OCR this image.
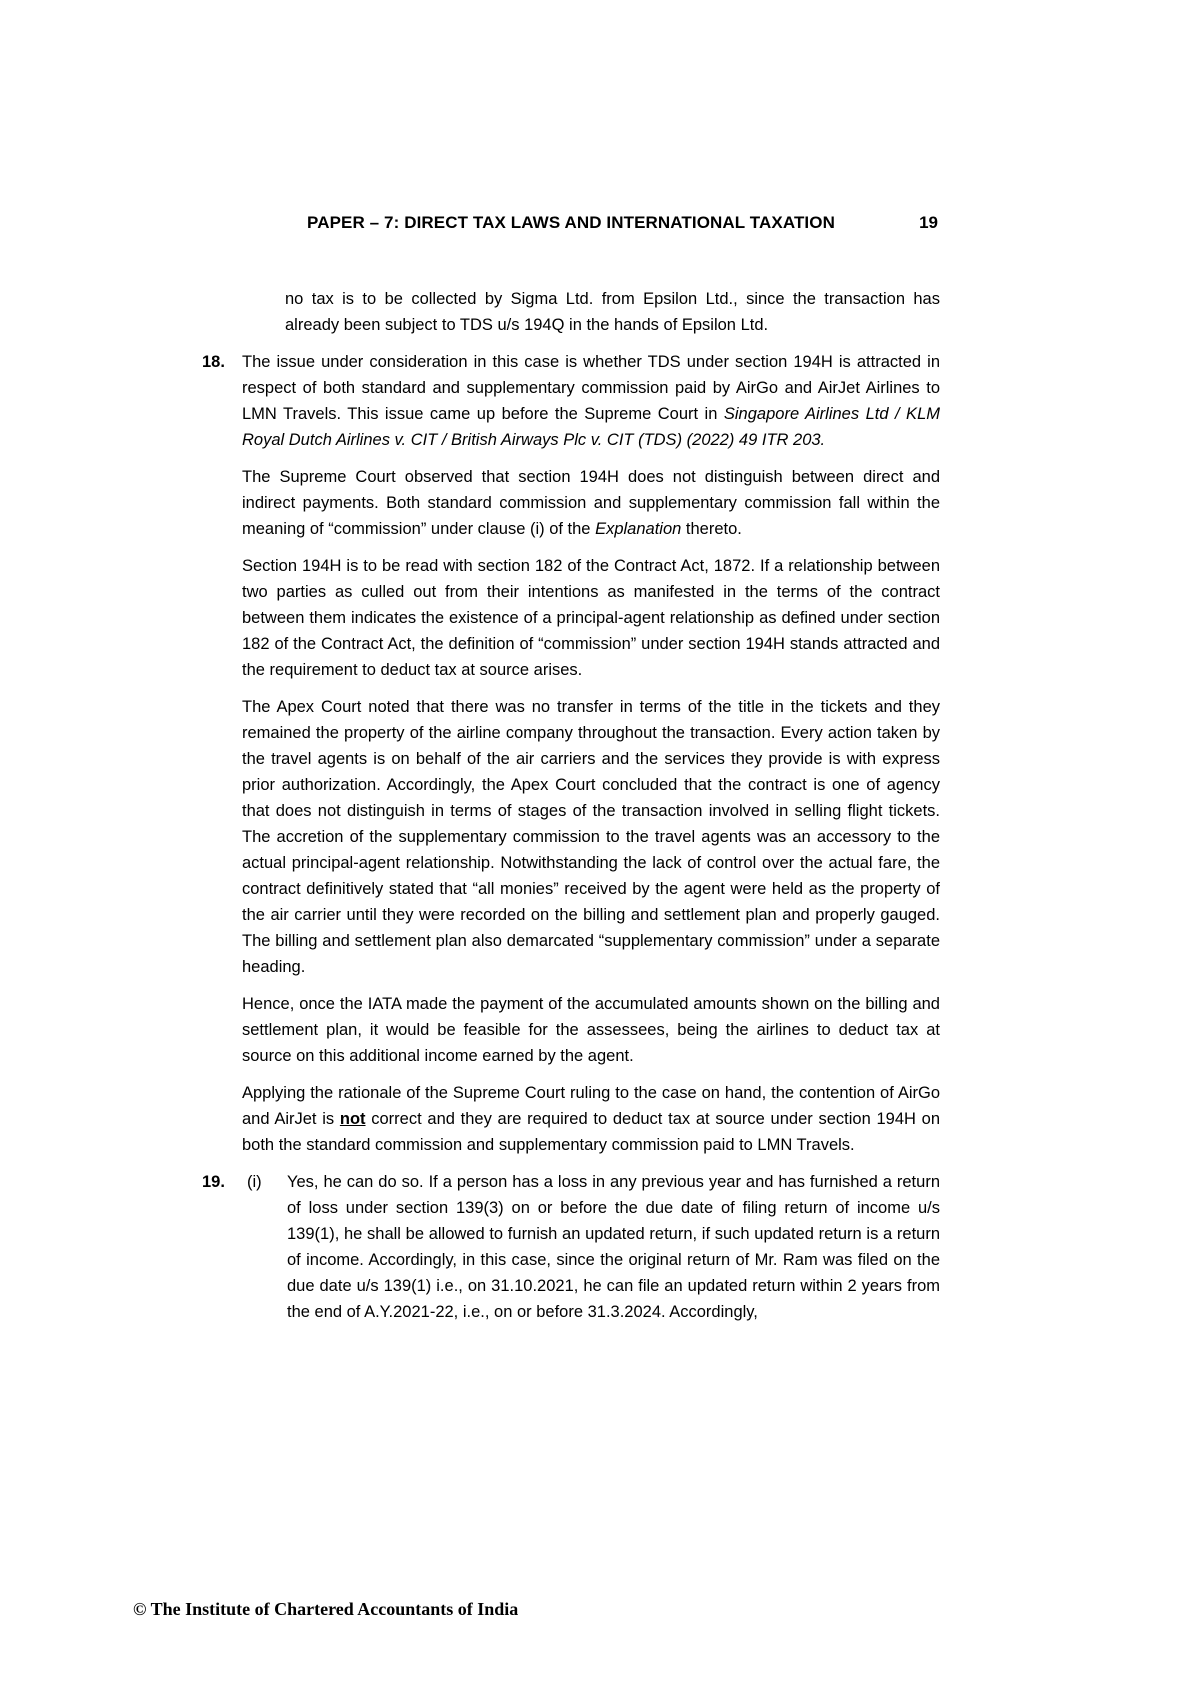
PAPER – 7: DIRECT TAX LAWS AND INTERNATIONAL TAXATION	19

no tax is to be collected by Sigma Ltd. from Epsilon Ltd., since the transaction has already been subject to TDS u/s 194Q in the hands of Epsilon Ltd.

18.	The issue under consideration in this case is whether TDS under section 194H is attracted in respect of both standard and supplementary commission paid by AirGo and AirJet Airlines to LMN Travels. This issue came up before the Supreme Court in Singapore Airlines Ltd / KLM Royal Dutch Airlines v. CIT / British Airways Plc v. CIT (TDS) (2022) 49 ITR 203.

The Supreme Court observed that section 194H does not distinguish between direct and indirect payments. Both standard commission and supplementary commission fall within the meaning of “commission” under clause (i) of the Explanation thereto.

Section 194H is to be read with section 182 of the Contract Act, 1872. If a relationship between two parties as culled out from their intentions as manifested in the terms of the contract between them indicates the existence of a principal-agent relationship as defined under section 182 of the Contract Act, the definition of “commission” under section 194H stands attracted and the requirement to deduct tax at source arises.

The Apex Court noted that there was no transfer in terms of the title in the tickets and they remained the property of the airline company throughout the transaction. Every action taken by the travel agents is on behalf of the air carriers and the services they provide is with express prior authorization. Accordingly, the Apex Court concluded that the contract is one of agency that does not distinguish in terms of stages of the transaction involved in selling flight tickets. The accretion of the supplementary commission to the travel agents was an accessory to the actual principal-agent relationship. Notwithstanding the lack of control over the actual fare, the contract definitively stated that “all monies” received by the agent were held as the property of the air carrier until they were recorded on the billing and settlement plan and properly gauged. The billing and settlement plan also demarcated “supplementary commission” under a separate heading.

Hence, once the IATA made the payment of the accumulated amounts shown on the billing and settlement plan, it would be feasible for the assessees, being the airlines to deduct tax at source on this additional income earned by the agent.

Applying the rationale of the Supreme Court ruling to the case on hand, the contention of AirGo and AirJet is not correct and they are required to deduct tax at source under section 194H on both the standard commission and supplementary commission paid to LMN Travels.

19.	(i)	Yes, he can do so. If a person has a loss in any previous year and has furnished a return of loss under section 139(3) on or before the due date of filing return of income u/s 139(1), he shall be allowed to furnish an updated return, if such updated return is a return of income. Accordingly, in this case, since the original return of Mr. Ram was filed on the due date u/s 139(1) i.e., on 31.10.2021, he can file an updated return within 2 years from the end of A.Y.2021-22, i.e., on or before 31.3.2024. Accordingly,

© The Institute of Chartered Accountants of India
